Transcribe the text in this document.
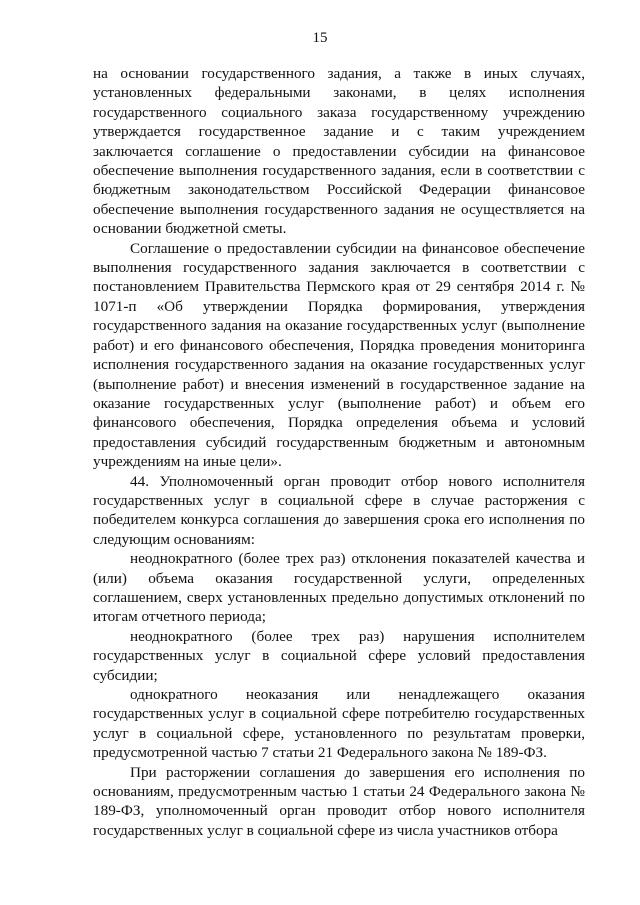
15

на основании государственного задания, а также в иных случаях, установленных федеральными законами, в целях исполнения государственного социального заказа государственному учреждению утверждается государственное задание и с таким учреждением заключается соглашение о предоставлении субсидии на финансовое обеспечение выполнения государственного задания, если в соответствии с бюджетным законодательством Российской Федерации финансовое обеспечение выполнения государственного задания не осуществляется на основании бюджетной сметы.

Соглашение о предоставлении субсидии на финансовое обеспечение выполнения государственного задания заключается в соответствии с постановлением Правительства Пермского края от 29 сентября 2014 г. № 1071-п «Об утверждении Порядка формирования, утверждения государственного задания на оказание государственных услуг (выполнение работ) и его финансового обеспечения, Порядка проведения мониторинга исполнения государственного задания на оказание государственных услуг (выполнение работ) и внесения изменений в государственное задание на оказание государственных услуг (выполнение работ) и объем его финансового обеспечения, Порядка определения объема и условий предоставления субсидий государственным бюджетным и автономным учреждениям на иные цели».

44. Уполномоченный орган проводит отбор нового исполнителя государственных услуг в социальной сфере в случае расторжения с победителем конкурса соглашения до завершения срока его исполнения по следующим основаниям:

неоднократного (более трех раз) отклонения показателей качества и (или) объема оказания государственной услуги, определенных соглашением, сверх установленных предельно допустимых отклонений по итогам отчетного периода;

неоднократного (более трех раз) нарушения исполнителем государственных услуг в социальной сфере условий предоставления субсидии;

однократного неоказания или ненадлежащего оказания государственных услуг в социальной сфере потребителю государственных услуг в социальной сфере, установленного по результатам проверки, предусмотренной частью 7 статьи 21 Федерального закона № 189-ФЗ.

При расторжении соглашения до завершения его исполнения по основаниям, предусмотренным частью 1 статьи 24 Федерального закона № 189-ФЗ, уполномоченный орган проводит отбор нового исполнителя государственных услуг в социальной сфере из числа участников отбора
